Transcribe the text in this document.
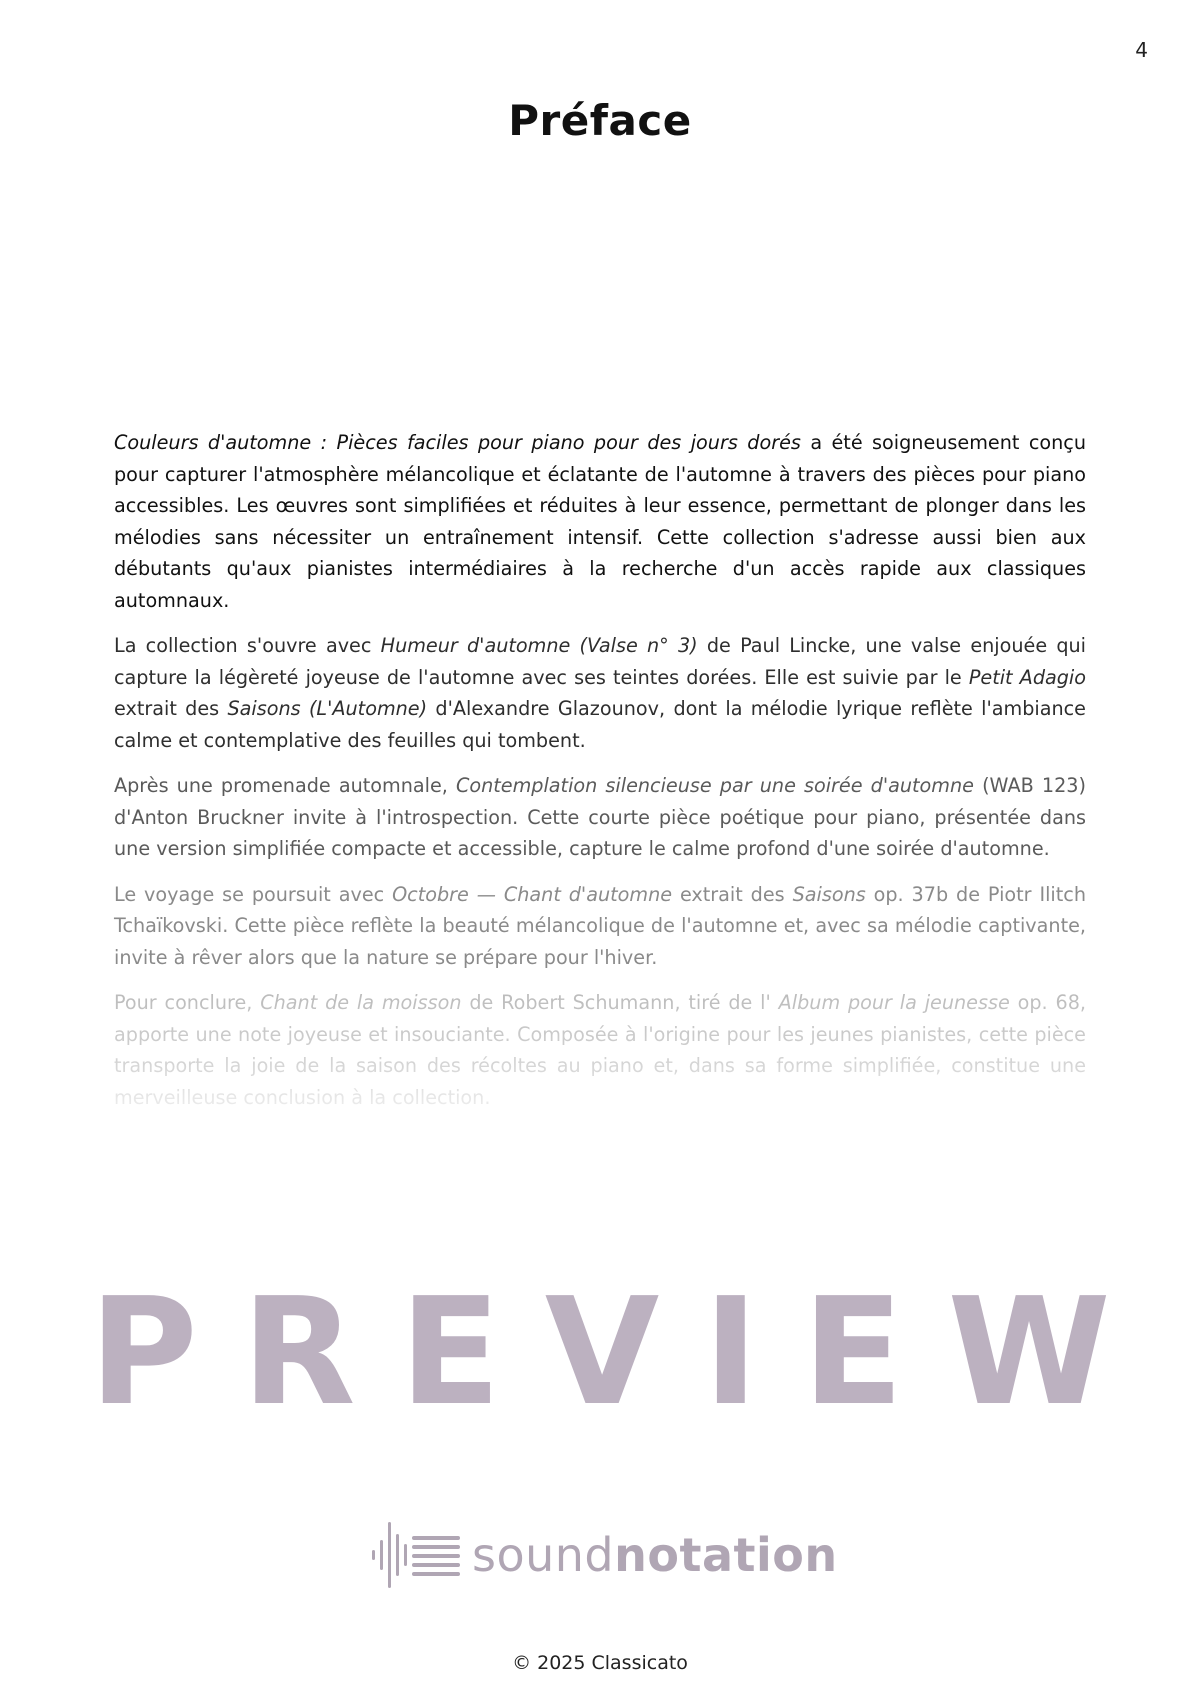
4
Préface

Couleurs d'automne : Pièces faciles pour piano pour des jours dorés a été soigneusement conçu pour capturer l'atmosphère mélancolique et éclatante de l'automne à travers des pièces pour piano accessibles. Les œuvres sont simplifiées et réduites à leur essence, permettant de plonger dans les mélodies sans nécessiter un entraînement intensif. Cette collection s'adresse aussi bien aux débutants qu'aux pianistes intermédiaires à la recherche d'un accès rapide aux classiques automnaux.

La collection s'ouvre avec Humeur d'automne (Valse n° 3) de Paul Lincke, une valse enjouée qui capture la légèreté joyeuse de l'automne avec ses teintes dorées. Elle est suivie par le Petit Adagio extrait des Saisons (L'Automne) d'Alexandre Glazounov, dont la mélodie lyrique reflète l'ambiance calme et contemplative des feuilles qui tombent.

Après une promenade automnale, Contemplation silencieuse par une soirée d'automne (WAB 123) d'Anton Bruckner invite à l'introspection. Cette courte pièce poétique pour piano, présentée dans une version simplifiée compacte et accessible, capture le calme profond d'une soirée d'automne.

Le voyage se poursuit avec Octobre — Chant d'automne extrait des Saisons op. 37b de Piotr Ilitch Tchaïkovski. Cette pièce reflète la beauté mélancolique de l'automne et, avec sa mélodie captivante, invite à rêver alors que la nature se prépare pour l'hiver.

Pour conclure, Chant de la moisson de Robert Schumann, tiré de l' Album pour la jeunesse op. 68, apporte une note joyeuse et insouciante. Composée à l'origine pour les jeunes pianistes, cette pièce transporte la joie de la saison des récoltes au piano et, dans sa forme simplifiée, constitue une merveilleuse conclusion à la collection.

PREVIEW
soundnotation
© 2025 Classicato
